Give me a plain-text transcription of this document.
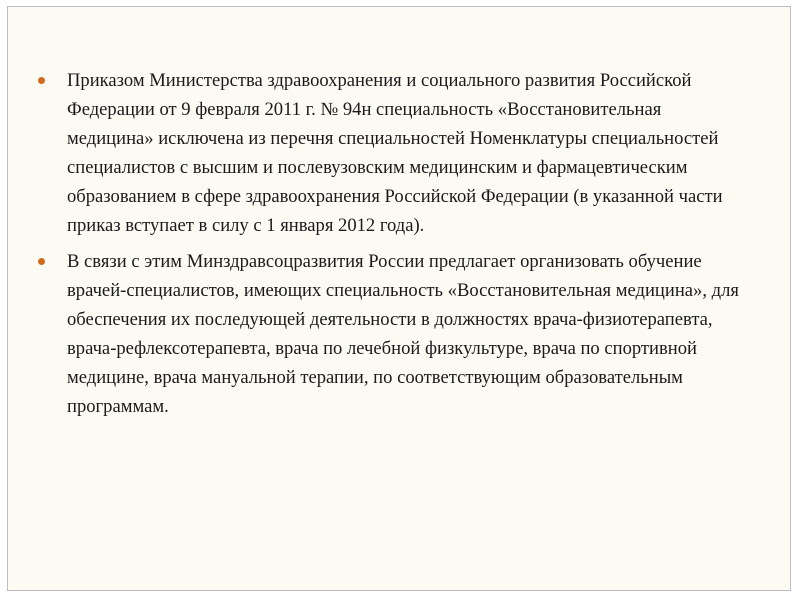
Приказом Министерства здравоохранения и социального развития Российской Федерации от 9 февраля 2011 г. № 94н специальность «Восстановительная медицина» исключена из перечня специальностей Номенклатуры специальностей специалистов с высшим и послевузовским медицинским и фармацевтическим образованием в сфере здравоохранения Российской Федерации (в указанной части приказ вступает в силу с 1 января 2012 года).
В связи с этим Минздравсоцразвития России предлагает организовать обучение врачей-специалистов, имеющих специальность «Восстановительная медицина», для обеспечения их последующей деятельности в должностях врача-физиотерапевта, врача-рефлексотерапевта, врача по лечебной физкультуре, врача по спортивной медицине, врача мануальной терапии, по соответствующим образовательным программам.
